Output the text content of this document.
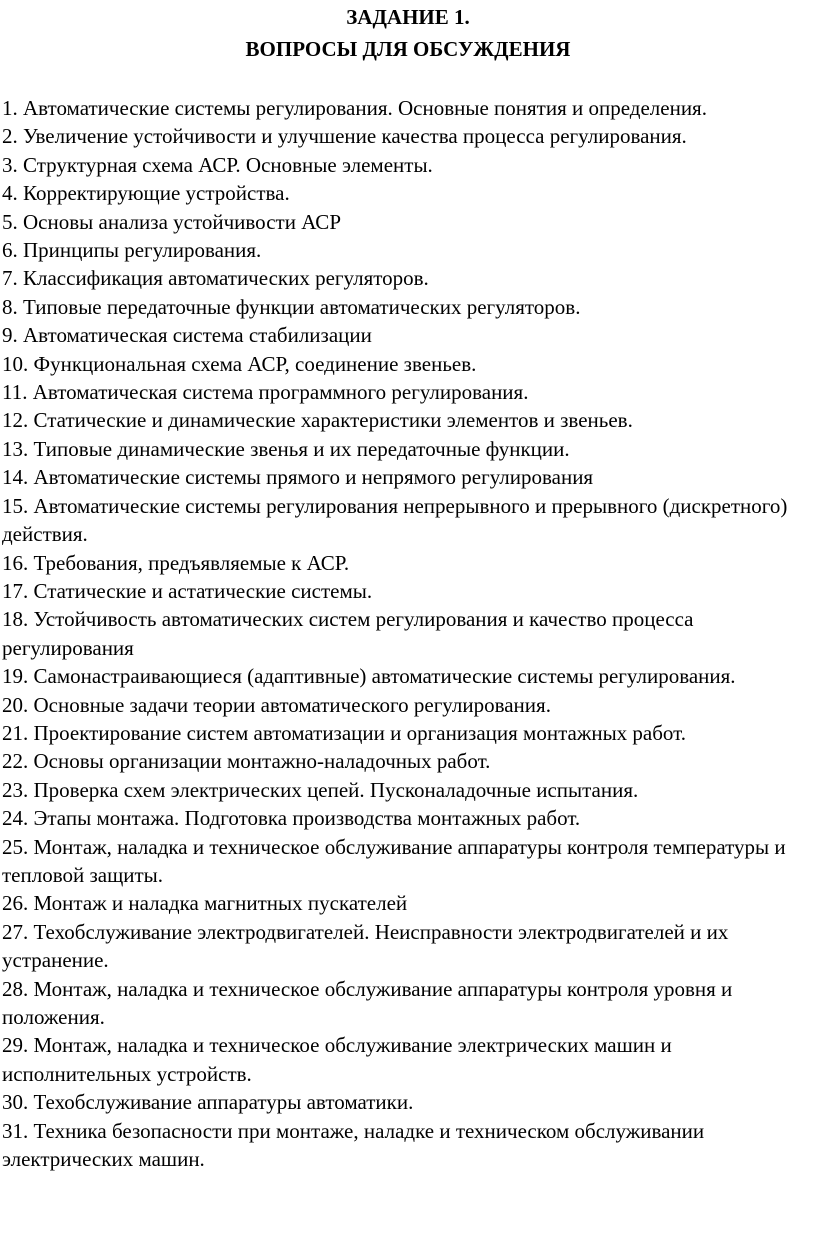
ЗАДАНИЕ 1.
ВОПРОСЫ ДЛЯ ОБСУЖДЕНИЯ
1. Автоматические системы регулирования. Основные понятия и определения.
2. Увеличение устойчивости и улучшение качества процесса регулирования.
3. Структурная схема АСР. Основные элементы.
4. Корректирующие устройства.
5. Основы анализа устойчивости АСР
6. Принципы регулирования.
7. Классификация автоматических регуляторов.
8. Типовые передаточные функции автоматических регуляторов.
9. Автоматическая система стабилизации
10. Функциональная схема АСР, соединение звеньев.
11. Автоматическая система программного регулирования.
12. Статические и динамические характеристики элементов и звеньев.
13. Типовые динамические звенья и их передаточные функции.
14. Автоматические системы прямого и непрямого регулирования
15. Автоматические системы регулирования непрерывного и прерывного (дискретного) действия.
16. Требования, предъявляемые к АСР.
17. Статические и астатические системы.
18. Устойчивость автоматических систем регулирования и качество процесса регулирования
19. Самонастраивающиеся (адаптивные) автоматические системы регулирования.
20. Основные задачи теории автоматического регулирования.
21. Проектирование систем автоматизации и организация монтажных работ.
22. Основы организации монтажно-наладочных работ.
23. Проверка схем электрических цепей. Пусконаладочные испытания.
24. Этапы монтажа. Подготовка производства монтажных работ.
25. Монтаж, наладка и техническое обслуживание аппаратуры контроля температуры и тепловой защиты.
26. Монтаж и наладка магнитных пускателей
27. Техобслуживание электродвигателей. Неисправности электродвигателей и их устранение.
28. Монтаж, наладка и техническое обслуживание аппаратуры контроля уровня и положения.
29. Монтаж, наладка и техническое обслуживание электрических машин и исполнительных устройств.
30. Техобслуживание аппаратуры автоматики.
31. Техника безопасности при монтаже, наладке и техническом обслуживании электрических машин.
